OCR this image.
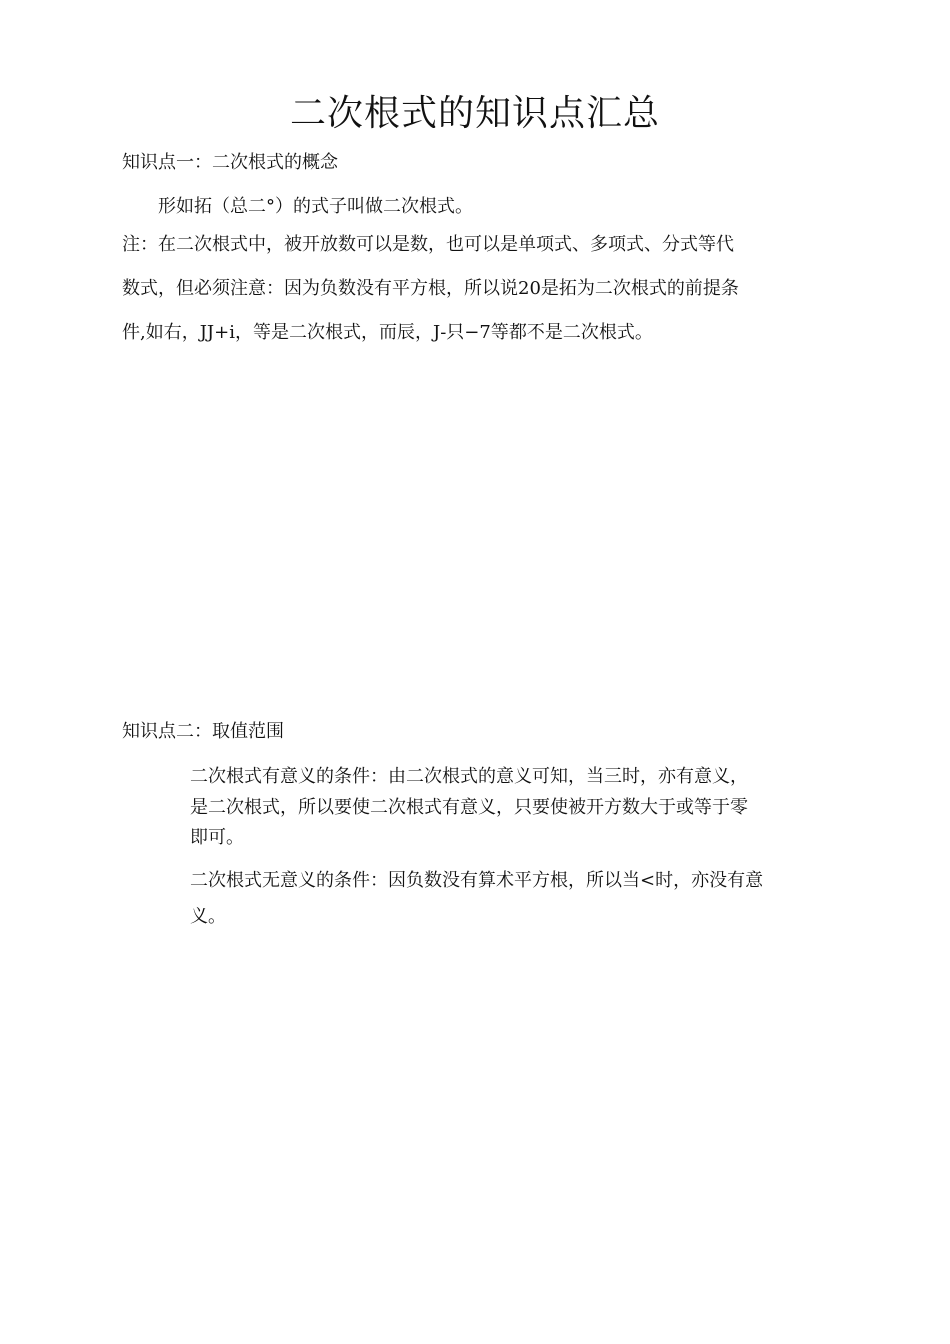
二次根式的知识点汇总
知识点一：二次根式的概念
形如拓（总二°）的式子叫做二次根式。
注：在二次根式中，被开放数可以是数，也可以是单项式、多项式、分式等代
数式，但必须注意：因为负数没有平方根，所以说20是拓为二次根式的前提条
件,如右，JJ+i，等是二次根式，而辰，J-只−7等都不是二次根式。
知识点二：取值范围
二次根式有意义的条件：由二次根式的意义可知，当三时，亦有意义，
是二次根式，所以要使二次根式有意义，只要使被开方数大于或等于零
即可。
二次根式无意义的条件：因负数没有算术平方根，所以当<时，亦没有意
义。
